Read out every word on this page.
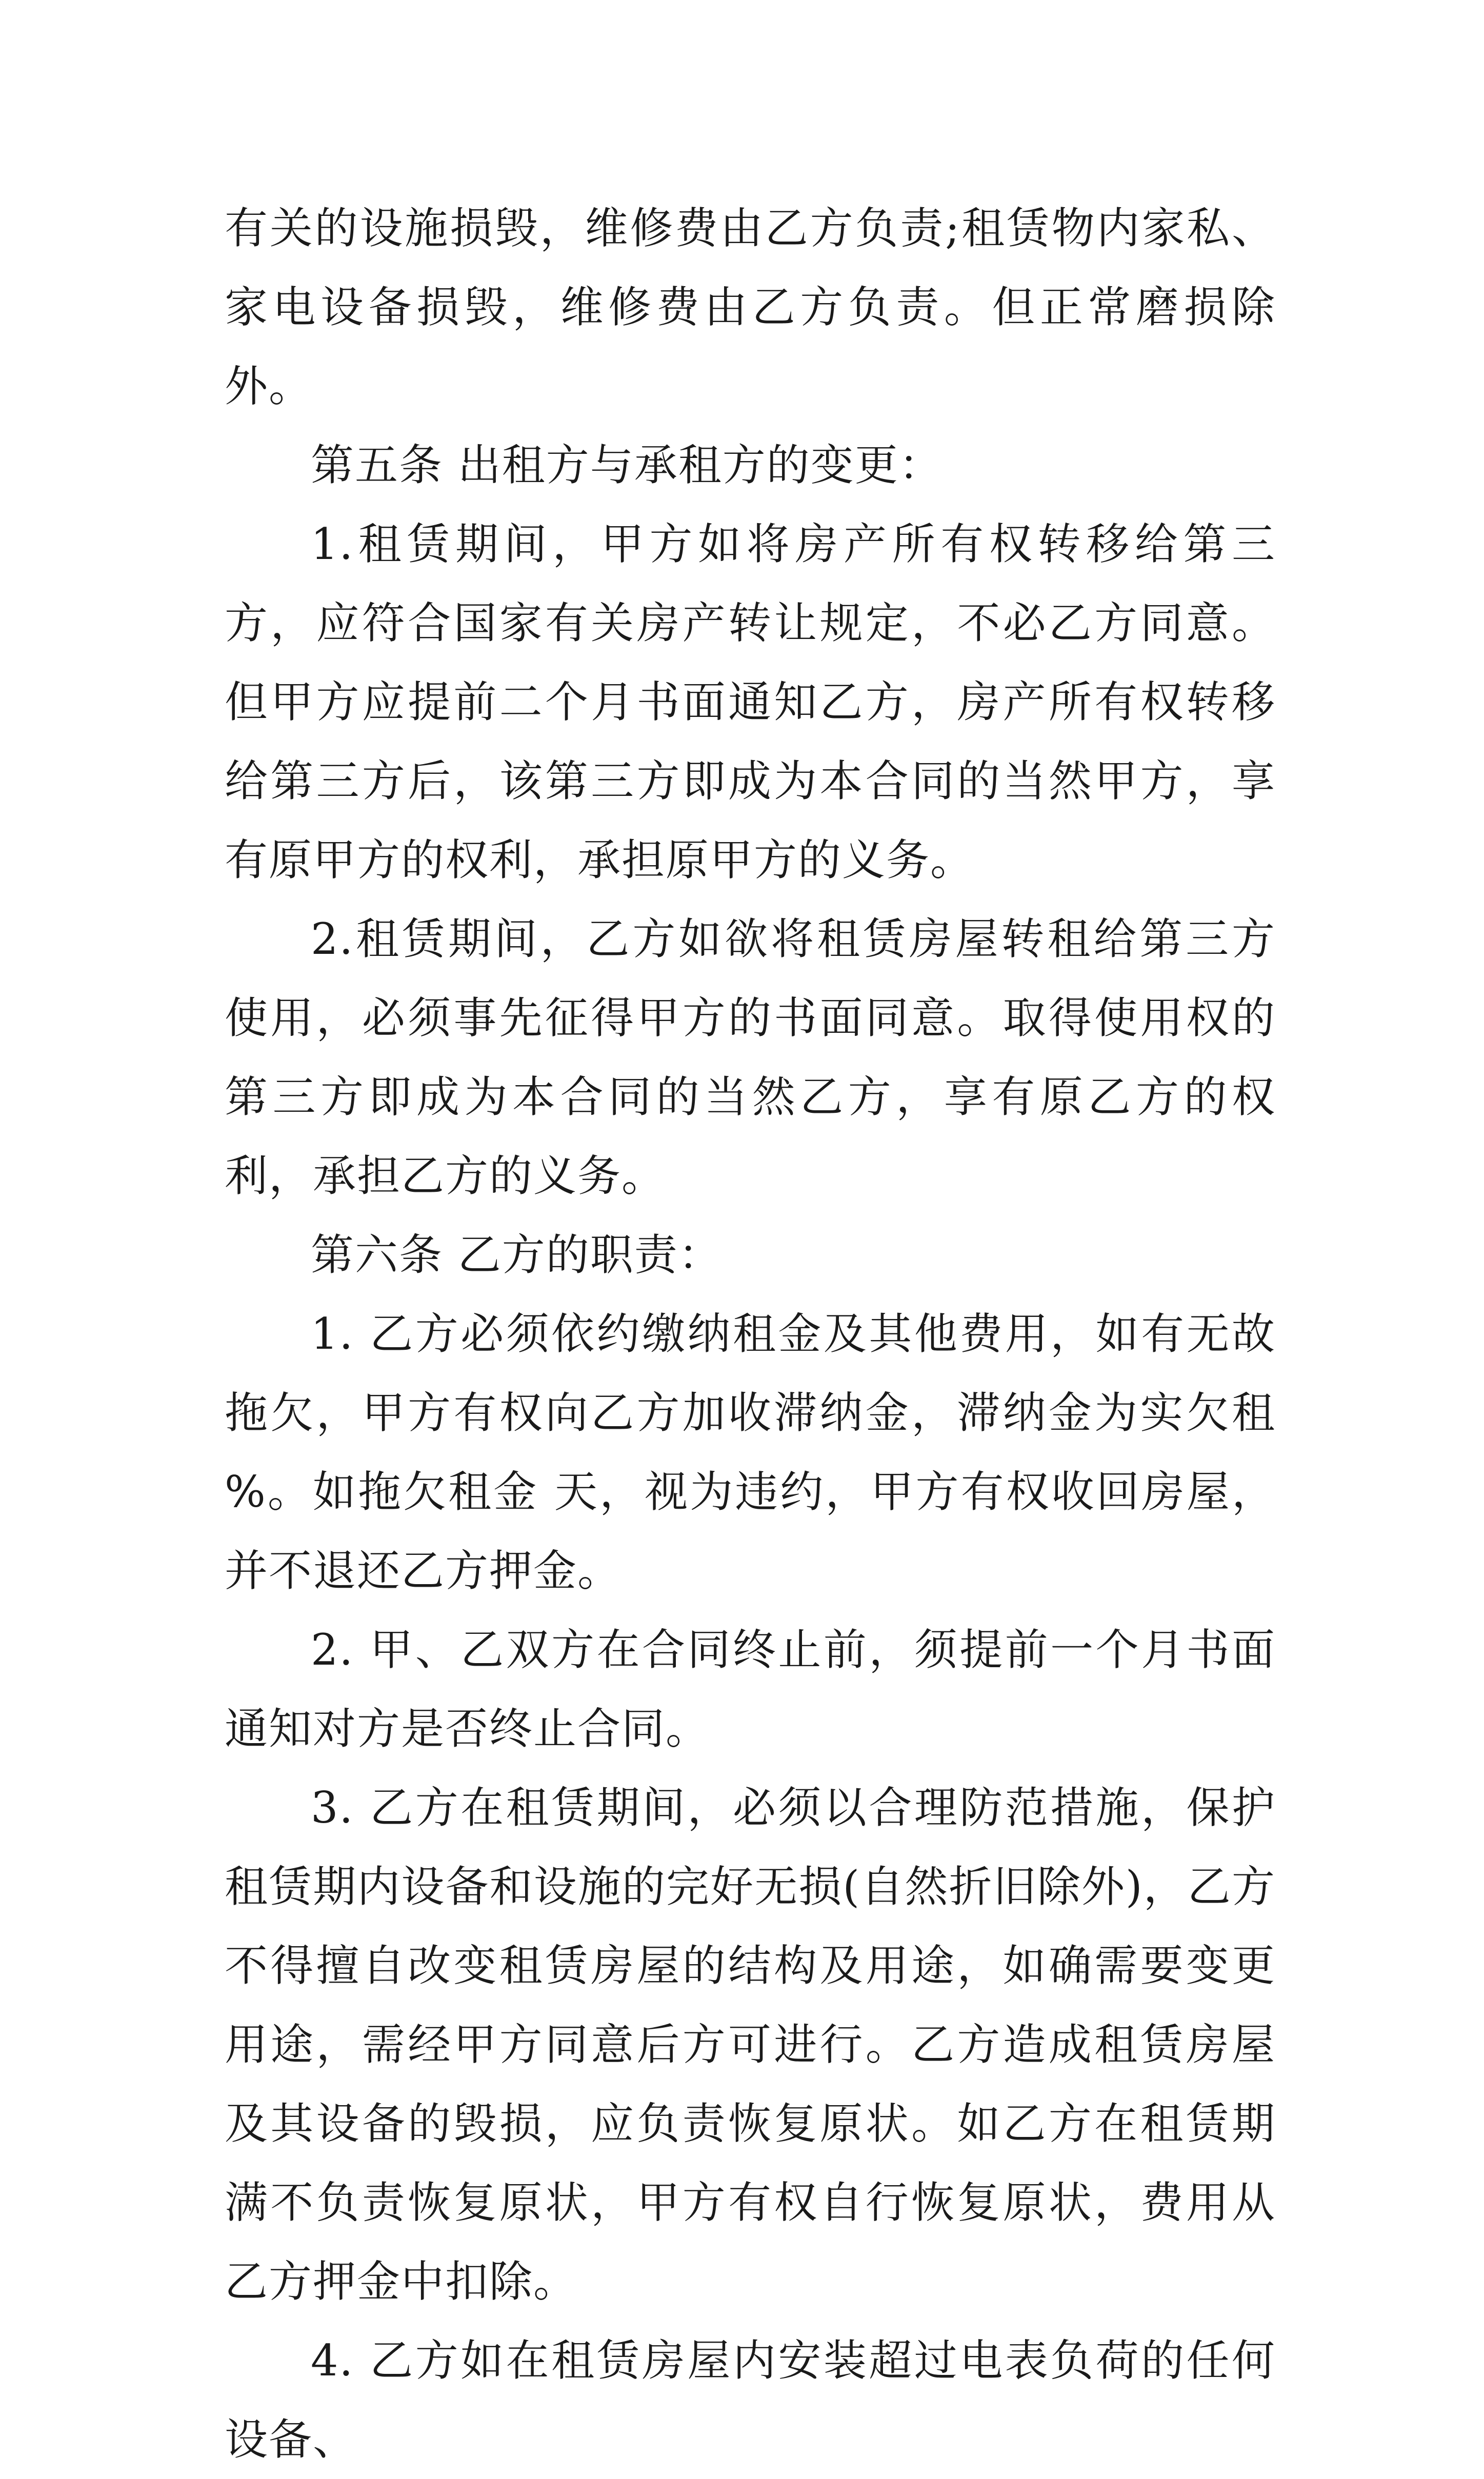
有关的设施损毁，维修费由乙方负责;租赁物内家私、家电设备损毁，维修费由乙方负责。但正常磨损除外。

第五条 出租方与承租方的变更：

1.租赁期间，甲方如将房产所有权转移给第三方，应符合国家有关房产转让规定，不必乙方同意。但甲方应提前二个月书面通知乙方，房产所有权转移给第三方后，该第三方即成为本合同的当然甲方，享有原甲方的权利，承担原甲方的义务。

2.租赁期间，乙方如欲将租赁房屋转租给第三方使用，必须事先征得甲方的书面同意。取得使用权的第三方即成为本合同的当然乙方，享有原乙方的权利，承担乙方的义务。

第六条 乙方的职责：

1. 乙方必须依约缴纳租金及其他费用，如有无故拖欠，甲方有权向乙方加收滞纳金，滞纳金为实欠租 %。如拖欠租金 天，视为违约，甲方有权收回房屋，并不退还乙方押金。

2. 甲、乙双方在合同终止前，须提前一个月书面通知对方是否终止合同。

3. 乙方在租赁期间，必须以合理防范措施，保护租赁期内设备和设施的完好无损(自然折旧除外)，乙方不得擅自改变租赁房屋的结构及用途，如确需要变更用途，需经甲方同意后方可进行。乙方造成租赁房屋及其设备的毁损，应负责恢复原状。如乙方在租赁期满不负责恢复原状，甲方有权自行恢复原状，费用从乙方押金中扣除。

4. 乙方如在租赁房屋内安装超过电表负荷的任何设备、
